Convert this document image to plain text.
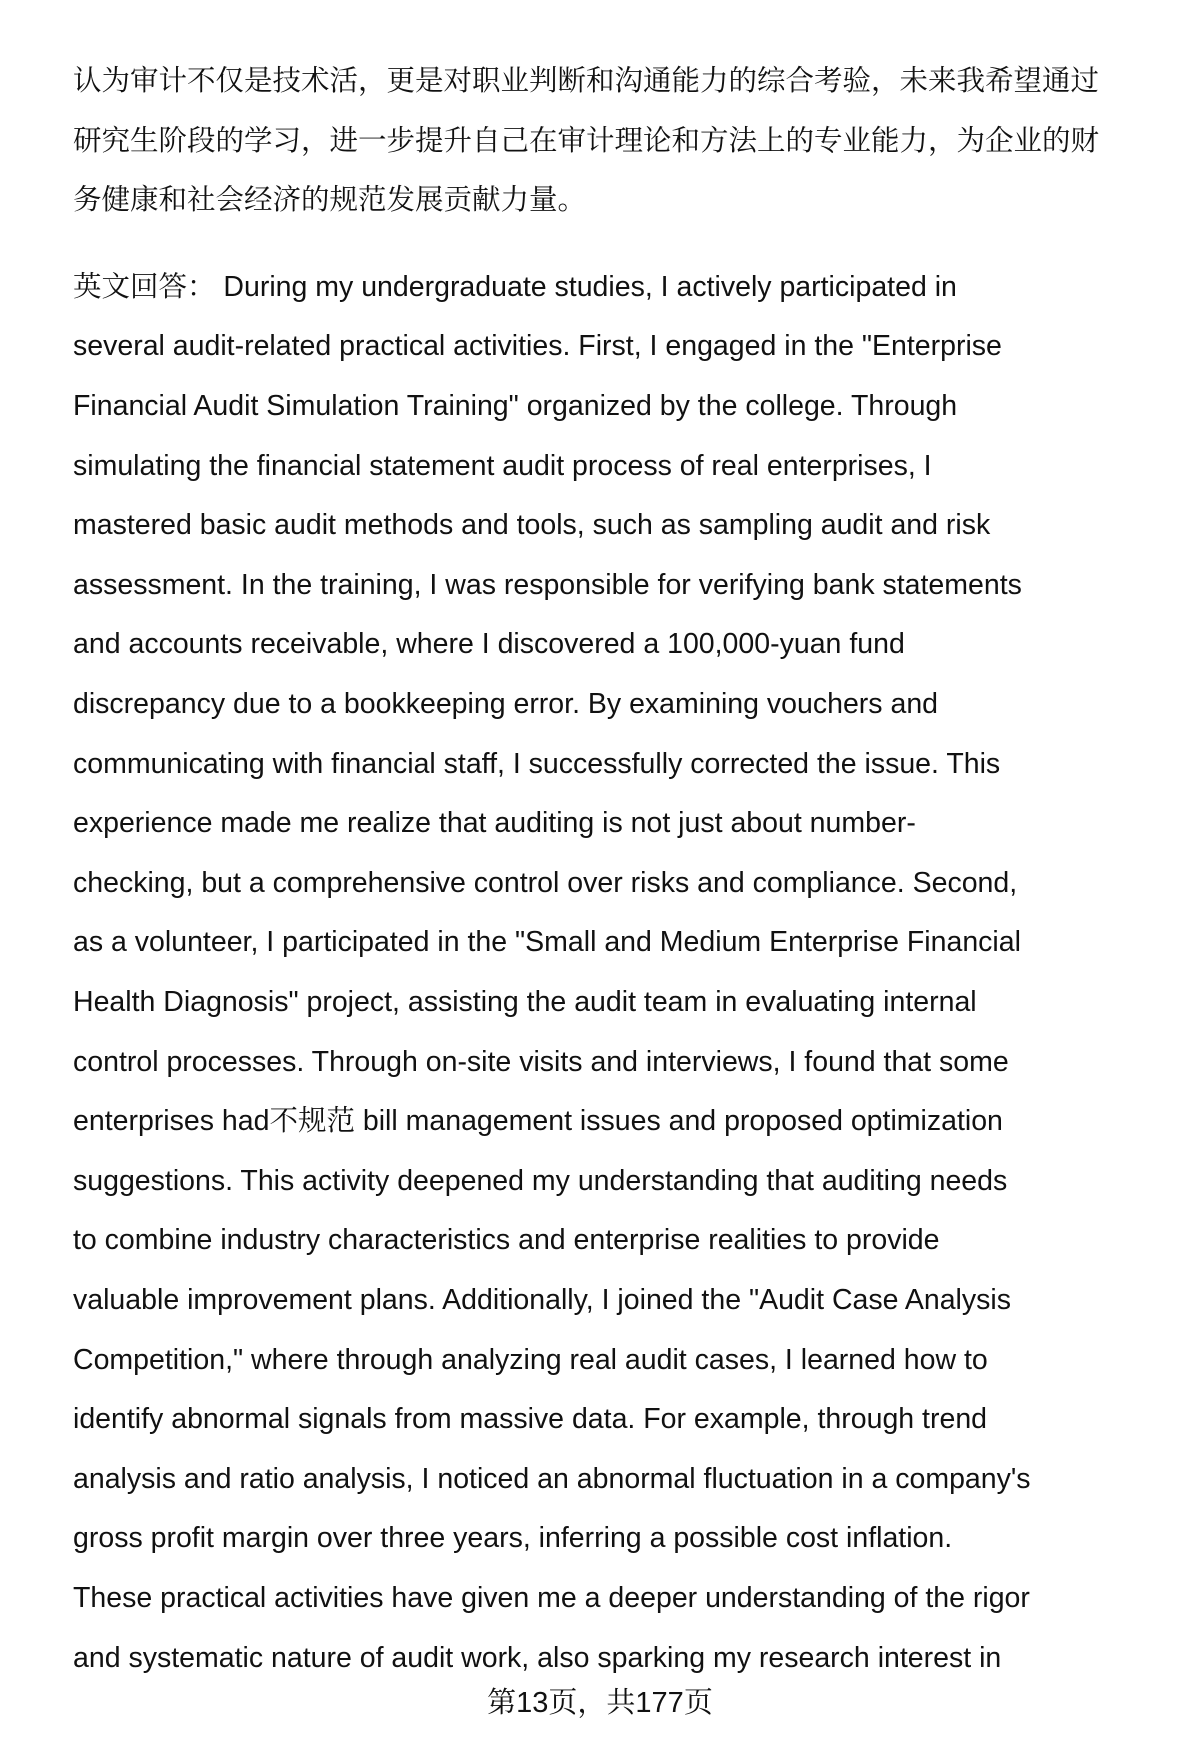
认为审计不仅是技术活，更是对职业判断和沟通能力的综合考验，未来我希望通过
研究生阶段的学习，进一步提升自己在审计理论和方法上的专业能力，为企业的财
务健康和社会经济的规范发展贡献力量。
英文回答： During my undergraduate studies, I actively participated in
several audit-related practical activities. First, I engaged in the "Enterprise
Financial Audit Simulation Training" organized by the college. Through
simulating the financial statement audit process of real enterprises, I
mastered basic audit methods and tools, such as sampling audit and risk
assessment. In the training, I was responsible for verifying bank statements
and accounts receivable, where I discovered a 100,000-yuan fund
discrepancy due to a bookkeeping error. By examining vouchers and
communicating with financial staff, I successfully corrected the issue. This
experience made me realize that auditing is not just about number-
checking, but a comprehensive control over risks and compliance. Second,
as a volunteer, I participated in the "Small and Medium Enterprise Financial
Health Diagnosis" project, assisting the audit team in evaluating internal
control processes. Through on-site visits and interviews, I found that some
enterprises had不规范 bill management issues and proposed optimization
suggestions. This activity deepened my understanding that auditing needs
to combine industry characteristics and enterprise realities to provide
valuable improvement plans. Additionally, I joined the "Audit Case Analysis
Competition," where through analyzing real audit cases, I learned how to
identify abnormal signals from massive data. For example, through trend
analysis and ratio analysis, I noticed an abnormal fluctuation in a company's
gross profit margin over three years, inferring a possible cost inflation.
These practical activities have given me a deeper understanding of the rigor
and systematic nature of audit work, also sparking my research interest in
第13页，共177页
